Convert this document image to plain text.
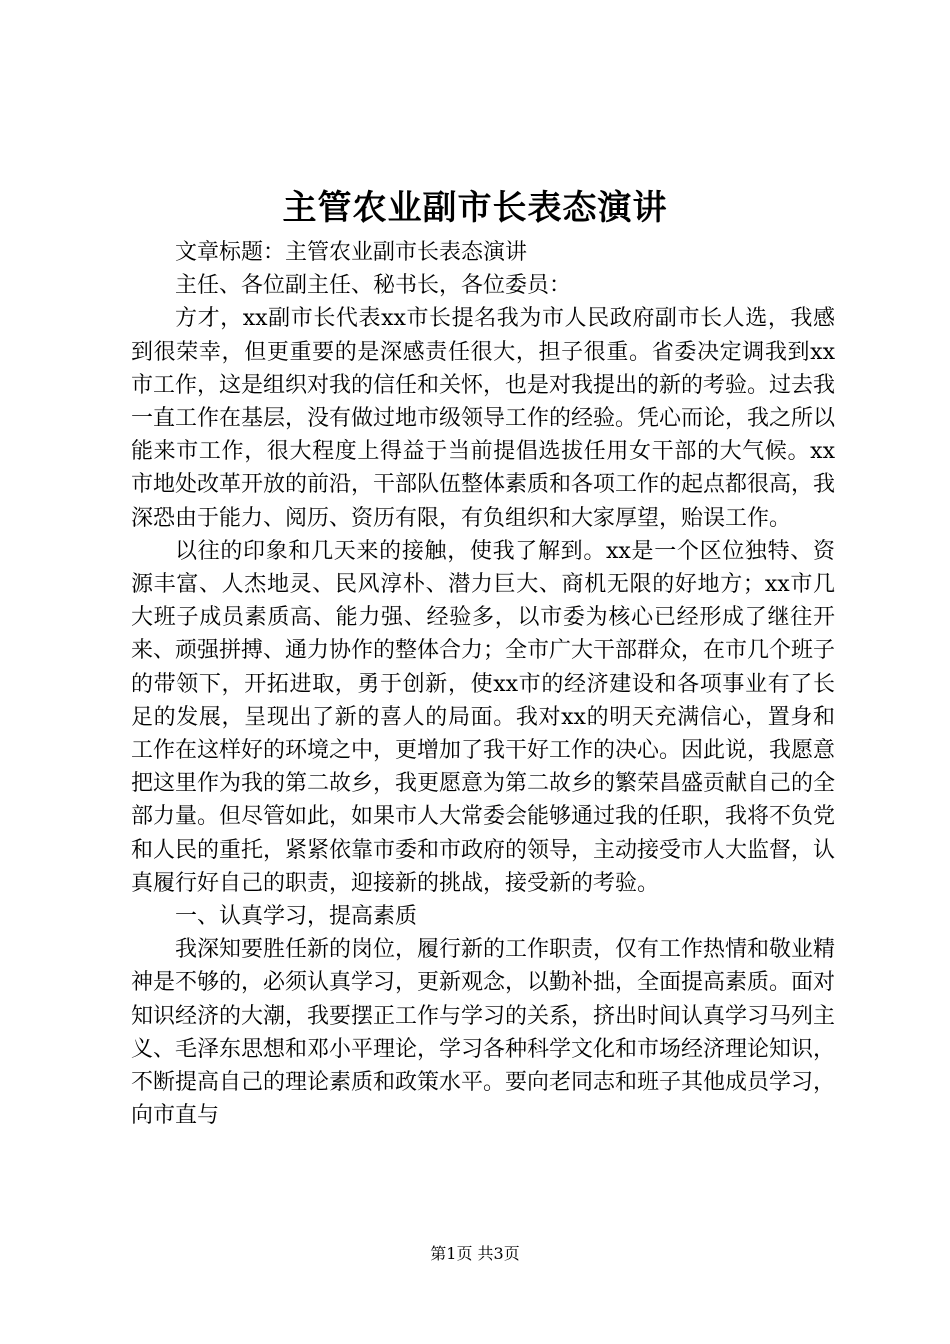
主管农业副市长表态演讲

文章标题：主管农业副市长表态演讲

主任、各位副主任、秘书长，各位委员：

方才，xx副市长代表xx市长提名我为市人民政府副市长人选，我感到很荣幸，但更重要的是深感责任很大，担子很重。省委决定调我到xx市工作，这是组织对我的信任和关怀，也是对我提出的新的考验。过去我一直工作在基层，没有做过地市级领导工作的经验。凭心而论，我之所以能来市工作，很大程度上得益于当前提倡选拔任用女干部的大气候。xx市地处改革开放的前沿，干部队伍整体素质和各项工作的起点都很高，我深恐由于能力、阅历、资历有限，有负组织和大家厚望，贻误工作。

以往的印象和几天来的接触，使我了解到。xx是一个区位独特、资源丰富、人杰地灵、民风淳朴、潜力巨大、商机无限的好地方；xx市几大班子成员素质高、能力强、经验多，以市委为核心已经形成了继往开来、顽强拼搏、通力协作的整体合力；全市广大干部群众，在市几个班子的带领下，开拓进取，勇于创新，使xx市的经济建设和各项事业有了长足的发展，呈现出了新的喜人的局面。我对xx的明天充满信心，置身和工作在这样好的环境之中，更增加了我干好工作的决心。因此说，我愿意把这里作为我的第二故乡，我更愿意为第二故乡的繁荣昌盛贡献自己的全部力量。但尽管如此，如果市人大常委会能够通过我的任职，我将不负党和人民的重托，紧紧依靠市委和市政府的领导，主动接受市人大监督，认真履行好自己的职责，迎接新的挑战，接受新的考验。

一、认真学习，提高素质

我深知要胜任新的岗位，履行新的工作职责，仅有工作热情和敬业精神是不够的，必须认真学习，更新观念，以勤补拙，全面提高素质。面对知识经济的大潮，我要摆正工作与学习的关系，挤出时间认真学习马列主义、毛泽东思想和邓小平理论，学习各种科学文化和市场经济理论知识，不断提高自己的理论素质和政策水平。要向老同志和班子其他成员学习，向市直与

第1页 共3页
